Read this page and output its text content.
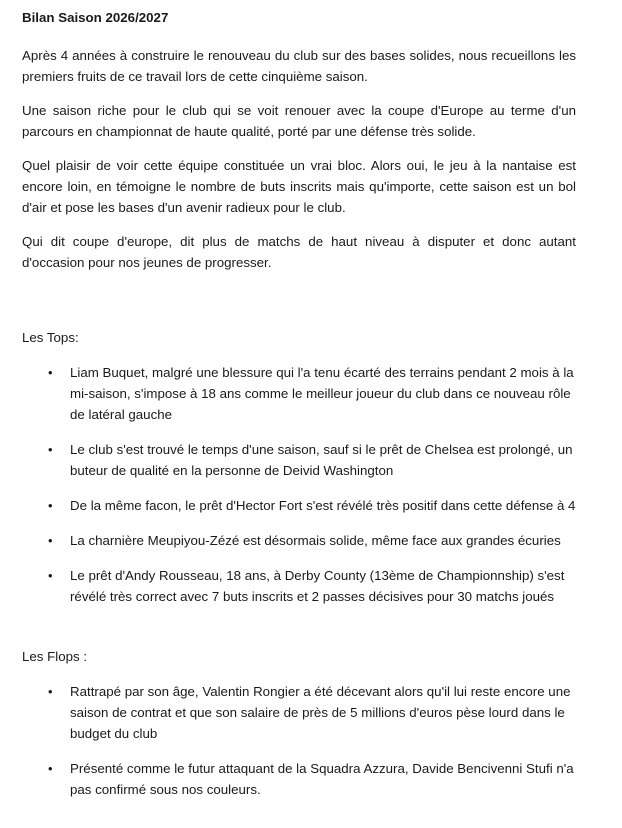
Bilan Saison 2026/2027

Après 4 années à construire le renouveau du club sur des bases solides, nous recueillons les premiers fruits de ce travail lors de cette cinquième saison.

Une saison riche pour le club qui se voit renouer avec la coupe d'Europe au terme d'un parcours en championnat de haute qualité, porté par une défense très solide.

Quel plaisir de voir cette équipe constituée un vrai bloc. Alors oui, le jeu à la nantaise est encore loin, en témoigne le nombre de buts inscrits mais qu'importe, cette saison est un bol d'air et pose les bases d'un avenir radieux pour le club.

Qui dit coupe d'europe, dit plus de matchs de haut niveau à disputer et donc autant d'occasion pour nos jeunes de progresser.

Les Tops:
• Liam Buquet, malgré une blessure qui l'a tenu écarté des terrains pendant 2 mois à la mi-saison, s'impose à 18 ans comme le meilleur joueur du club dans ce nouveau rôle de latéral gauche
• Le club s'est trouvé le temps d'une saison, sauf si le prêt de Chelsea est prolongé, un buteur de qualité en la personne de Deivid Washington
• De la même facon, le prêt d'Hector Fort s'est révélé très positif dans cette défense à 4
• La charnière Meupiyou-Zézé est désormais solide, même face aux grandes écuries
• Le prêt d'Andy Rousseau, 18 ans, à Derby County (13ème de Championnship) s'est révélé très correct avec 7 buts inscrits et 2 passes décisives pour 30 matchs joués
Les Flops :
• Rattrapé par son âge, Valentin Rongier a été décevant alors qu'il lui reste encore une saison de contrat et que son salaire de près de 5 millions d'euros pèse lourd dans le budget du club
• Présenté comme le futur attaquant de la Squadra Azzura, Davide Bencivenni Stufi n'a pas confirmé sous nos couleurs.
